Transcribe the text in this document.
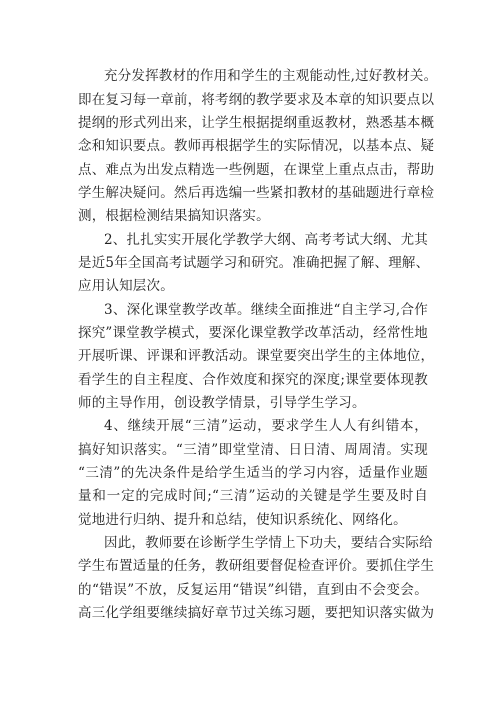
充分发挥教材的作用和学生的主观能动性,过好教材关。
即在复习每一章前，将考纲的教学要求及本章的知识要点以
提纲的形式列出来，让学生根据提纲重返教材，熟悉基本概
念和知识要点。教师再根据学生的实际情况，以基本点、疑
点、难点为出发点精选一些例题，在课堂上重点点击，帮助
学生解决疑问。然后再选编一些紧扣教材的基础题进行章检
测，根据检测结果搞知识落实。
2、扎扎实实开展化学教学大纲、高考考试大纲、尤其
是近5年全国高考试题学习和研究。准确把握了解、理解、
应用认知层次。
3、深化课堂教学改革。继续全面推进“自主学习,合作
探究”课堂教学模式，要深化课堂教学改革活动，经常性地
开展听课、评课和评教活动。课堂要突出学生的主体地位，
看学生的自主程度、合作效度和探究的深度;课堂要体现教
师的主导作用，创设教学情景，引导学生学习。
4、继续开展“三清”运动，要求学生人人有纠错本，
搞好知识落实。“三清”即堂堂清、日日清、周周清。实现
“三清”的先决条件是给学生适当的学习内容，适量作业题
量和一定的完成时间;“三清”运动的关键是学生要及时自
觉地进行归纳、提升和总结，使知识系统化、网络化。
因此，教师要在诊断学生学情上下功夫，要结合实际给
学生布置适量的任务，教研组要督促检查评价。要抓住学生
的“错误”不放，反复运用“错误”纠错，直到由不会变会。
高三化学组要继续搞好章节过关练习题，要把知识落实做为
